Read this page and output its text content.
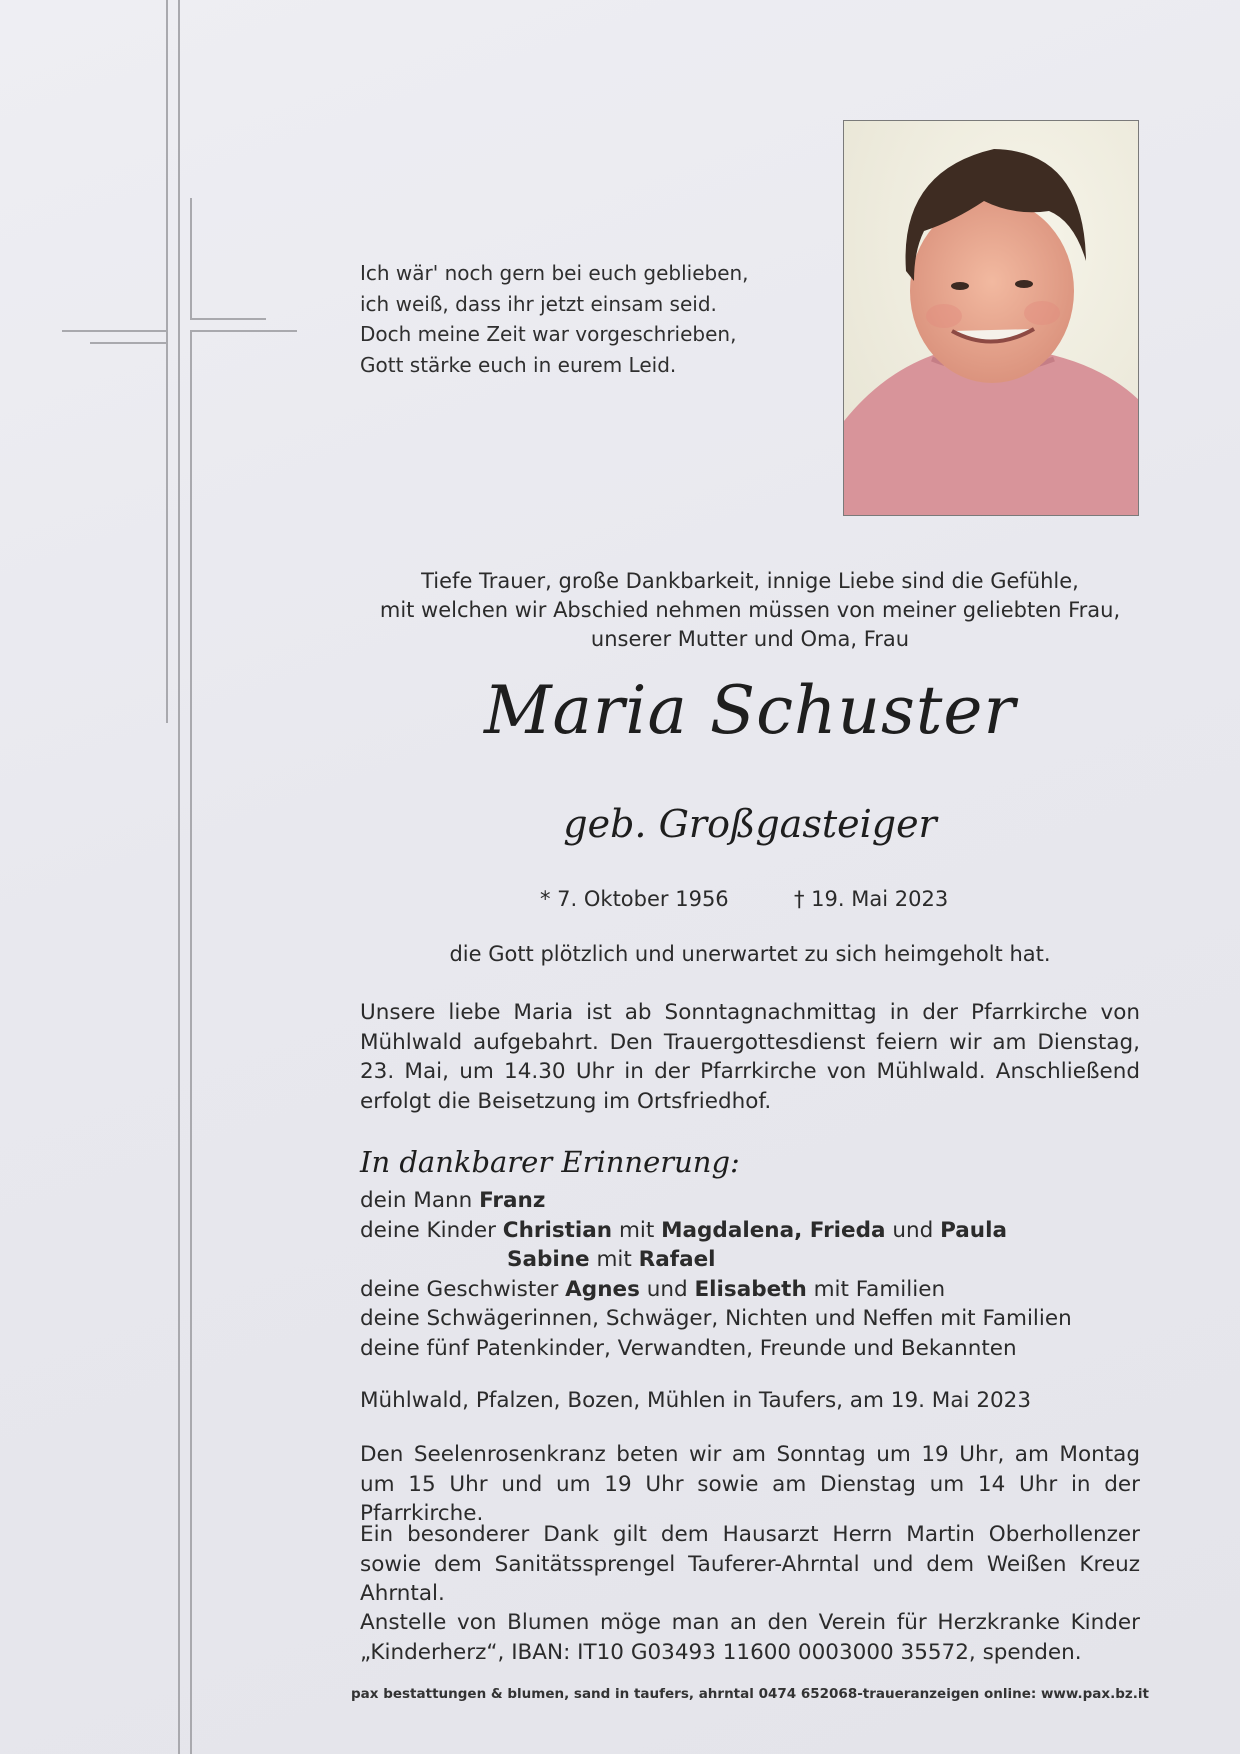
Ich wär' noch gern bei euch geblieben,
ich weiß, dass ihr jetzt einsam seid.
Doch meine Zeit war vorgeschrieben,
Gott stärke euch in eurem Leid.
Tiefe Trauer, große Dankbarkeit, innige Liebe sind die Gefühle,
mit welchen wir Abschied nehmen müssen von meiner geliebten Frau,
unserer Mutter und Oma, Frau
Maria Schuster
geb. Großgasteiger
* 7. Oktober 1956	† 19. Mai 2023
die Gott plötzlich und unerwartet zu sich heimgeholt hat.
Unsere liebe Maria ist ab Sonntagnachmittag in der Pfarrkirche von Mühlwald aufgebahrt. Den Trauergottesdienst feiern wir am Dienstag, 23. Mai, um 14.30 Uhr in der Pfarrkirche von Mühlwald. Anschließend erfolgt die Beisetzung im Ortsfriedhof.
In dankbarer Erinnerung:
dein Mann Franz
deine Kinder Christian mit Magdalena, Frieda und Paula
Sabine mit Rafael
deine Geschwister Agnes und Elisabeth mit Familien
deine Schwägerinnen, Schwäger, Nichten und Neffen mit Familien
deine fünf Patenkinder, Verwandten, Freunde und Bekannten
Mühlwald, Pfalzen, Bozen, Mühlen in Taufers, am 19. Mai 2023
Den Seelenrosenkranz beten wir am Sonntag um 19 Uhr, am Montag um 15 Uhr und um 19 Uhr sowie am Dienstag um 14 Uhr in der Pfarrkirche.
Ein besonderer Dank gilt dem Hausarzt Herrn Martin Oberhollenzer sowie dem Sanitätssprengel Tauferer-Ahrntal und dem Weißen Kreuz Ahrntal.
Anstelle von Blumen möge man an den Verein für Herzkranke Kinder „Kinderherz“, IBAN: IT10 G03493 11600 0003000 35572, spenden.
pax bestattungen & blumen, sand in taufers, ahrntal 0474 652068-traueranzeigen online: www.pax.bz.it
